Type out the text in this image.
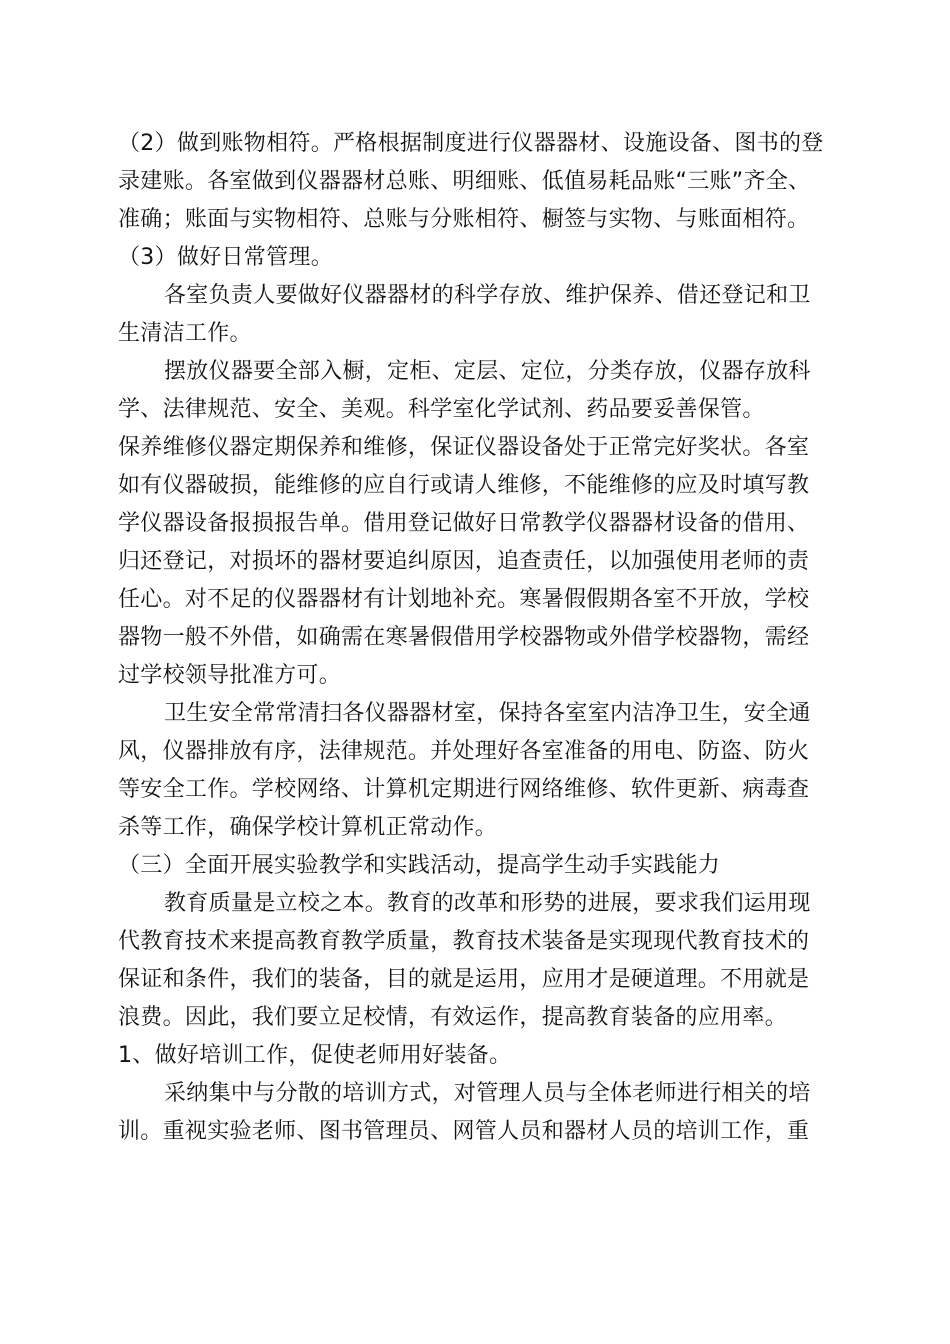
（2）做到账物相符。严格根据制度进行仪器器材、设施设备、图书的登
录建账。各室做到仪器器材总账、明细账、低值易耗品账“三账”齐全、
准确；账面与实物相符、总账与分账相符、橱签与实物、与账面相符。
（3）做好日常管理。
各室负责人要做好仪器器材的科学存放、维护保养、借还登记和卫
生清洁工作。
摆放仪器要全部入橱，定柜、定层、定位，分类存放，仪器存放科
学、法律规范、安全、美观。科学室化学试剂、药品要妥善保管。
保养维修仪器定期保养和维修，保证仪器设备处于正常完好奖状。各室
如有仪器破损，能维修的应自行或请人维修，不能维修的应及时填写教
学仪器设备报损报告单。借用登记做好日常教学仪器器材设备的借用、
归还登记，对损坏的器材要追纠原因，追查责任，以加强使用老师的责
任心。对不足的仪器器材有计划地补充。寒暑假假期各室不开放，学校
器物一般不外借，如确需在寒暑假借用学校器物或外借学校器物，需经
过学校领导批准方可。
卫生安全常常清扫各仪器器材室，保持各室室内洁净卫生，安全通
风，仪器排放有序，法律规范。并处理好各室准备的用电、防盗、防火
等安全工作。学校网络、计算机定期进行网络维修、软件更新、病毒查
杀等工作，确保学校计算机正常动作。
（三）全面开展实验教学和实践活动，提高学生动手实践能力
教育质量是立校之本。教育的改革和形势的进展，要求我们运用现
代教育技术来提高教育教学质量，教育技术装备是实现现代教育技术的
保证和条件，我们的装备，目的就是运用，应用才是硬道理。不用就是
浪费。因此，我们要立足校情，有效运作，提高教育装备的应用率。
1、做好培训工作，促使老师用好装备。
采纳集中与分散的培训方式，对管理人员与全体老师进行相关的培
训。重视实验老师、图书管理员、网管人员和器材人员的培训工作，重
